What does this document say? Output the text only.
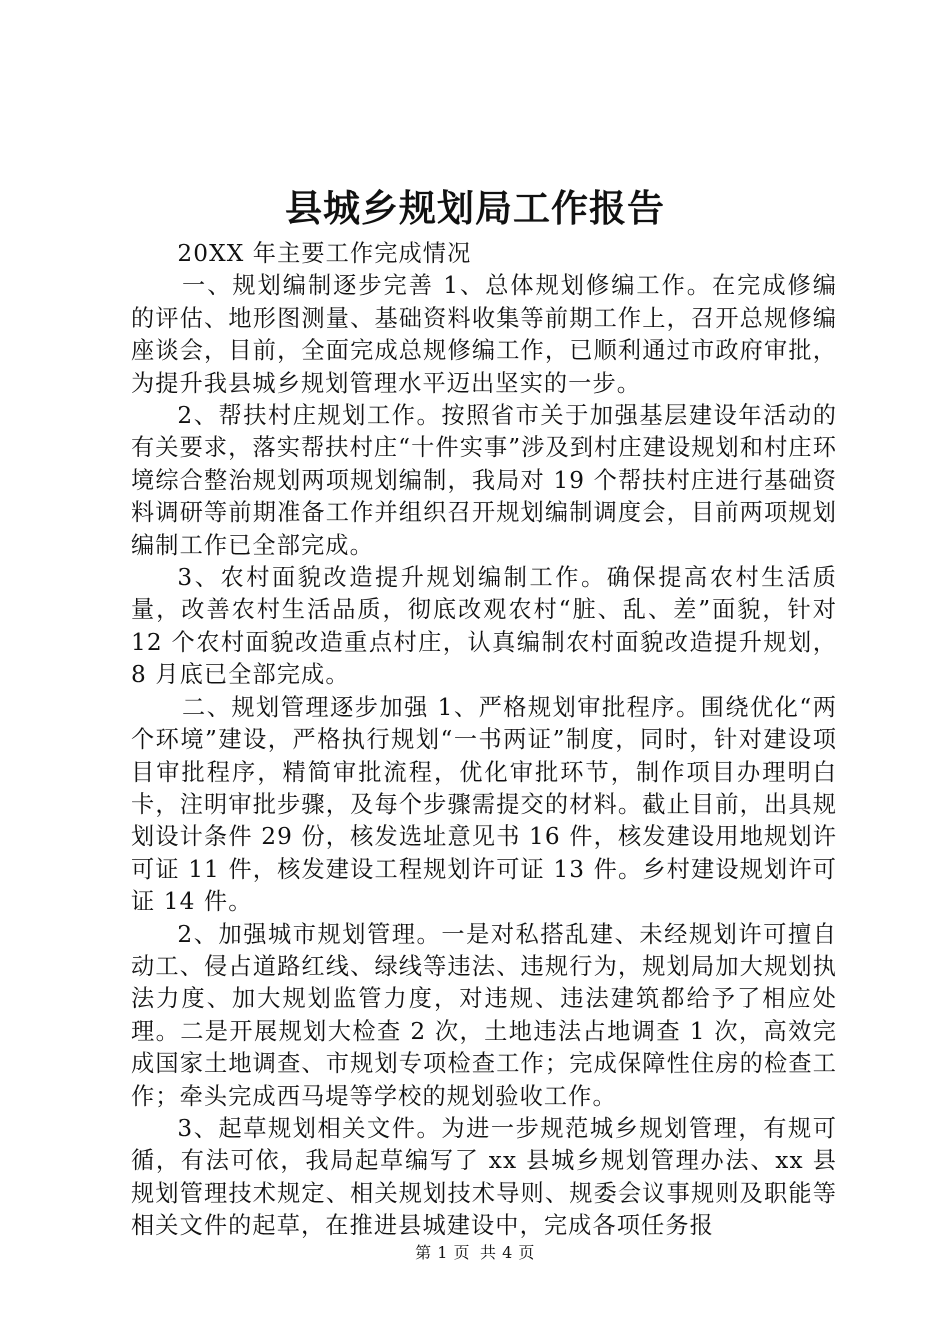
县城乡规划局工作报告

20XX 年主要工作完成情况

一、规划编制逐步完善 1、总体规划修编工作。在完成修编的评估、地形图测量、基础资料收集等前期工作上，召开总规修编座谈会，目前，全面完成总规修编工作，已顺利通过市政府审批，为提升我县城乡规划管理水平迈出坚实的一步。

2、帮扶村庄规划工作。按照省市关于加强基层建设年活动的有关要求，落实帮扶村庄“十件实事”涉及到村庄建设规划和村庄环境综合整治规划两项规划编制，我局对 19 个帮扶村庄进行基础资料调研等前期准备工作并组织召开规划编制调度会，目前两项规划编制工作已全部完成。

3、农村面貌改造提升规划编制工作。确保提高农村生活质量，改善农村生活品质，彻底改观农村“脏、乱、差”面貌，针对 12 个农村面貌改造重点村庄，认真编制农村面貌改造提升规划，8 月底已全部完成。

二、规划管理逐步加强 1、严格规划审批程序。围绕优化“两个环境”建设，严格执行规划“一书两证”制度，同时，针对建设项目审批程序，精简审批流程，优化审批环节，制作项目办理明白卡，注明审批步骤，及每个步骤需提交的材料。截止目前，出具规划设计条件 29 份，核发选址意见书 16 件，核发建设用地规划许可证 11 件，核发建设工程规划许可证 13 件。乡村建设规划许可证 14 件。

2、加强城市规划管理。一是对私搭乱建、未经规划许可擅自动工、侵占道路红线、绿线等违法、违规行为，规划局加大规划执法力度、加大规划监管力度，对违规、违法建筑都给予了相应处理。二是开展规划大检查 2 次，土地违法占地调查 1 次，高效完成国家土地调查、市规划专项检查工作；完成保障性住房的检查工作；牵头完成西马堤等学校的规划验收工作。

3、起草规划相关文件。为进一步规范城乡规划管理，有规可循，有法可依，我局起草编写了 xx 县城乡规划管理办法、xx 县规划管理技术规定、相关规划技术导则、规委会议事规则及职能等相关文件的起草，在推进县城建设中，完成各项任务报

第 1 页 共 4 页
